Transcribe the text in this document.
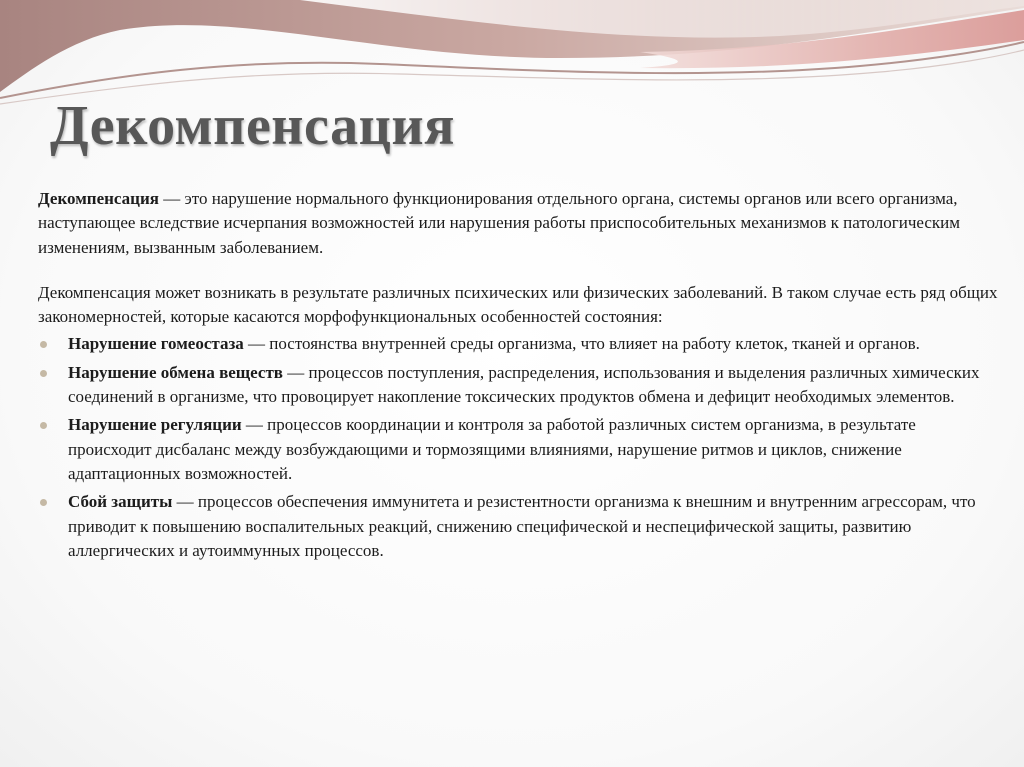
Декомпенсация

Декомпенсация — это нарушение нормального функционирования отдельного органа, системы органов или всего организма, наступающее вследствие исчерпания возможностей или нарушения работы приспособительных механизмов к патологическим изменениям, вызванным заболеванием.

Декомпенсация может возникать в результате различных психических или физических заболеваний. В таком случае есть ряд общих закономерностей, которые касаются морфофункциональных особенностей состояния:

Нарушение гомеостаза — постоянства внутренней среды организма, что влияет на работу клеток, тканей и органов.
Нарушение обмена веществ — процессов поступления, распределения, использования и выделения различных химических соединений в организме, что провоцирует накопление токсических продуктов обмена и дефицит необходимых элементов.
Нарушение регуляции — процессов координации и контроля за работой различных систем организма, в результате происходит дисбаланс между возбуждающими и тормозящими влияниями, нарушение ритмов и циклов, снижение адаптационных возможностей.
Сбой защиты — процессов обеспечения иммунитета и резистентности организма к внешним и внутренним агрессорам, что приводит к повышению воспалительных реакций, снижению специфической и неспецифической защиты, развитию аллергических и аутоиммунных процессов.
